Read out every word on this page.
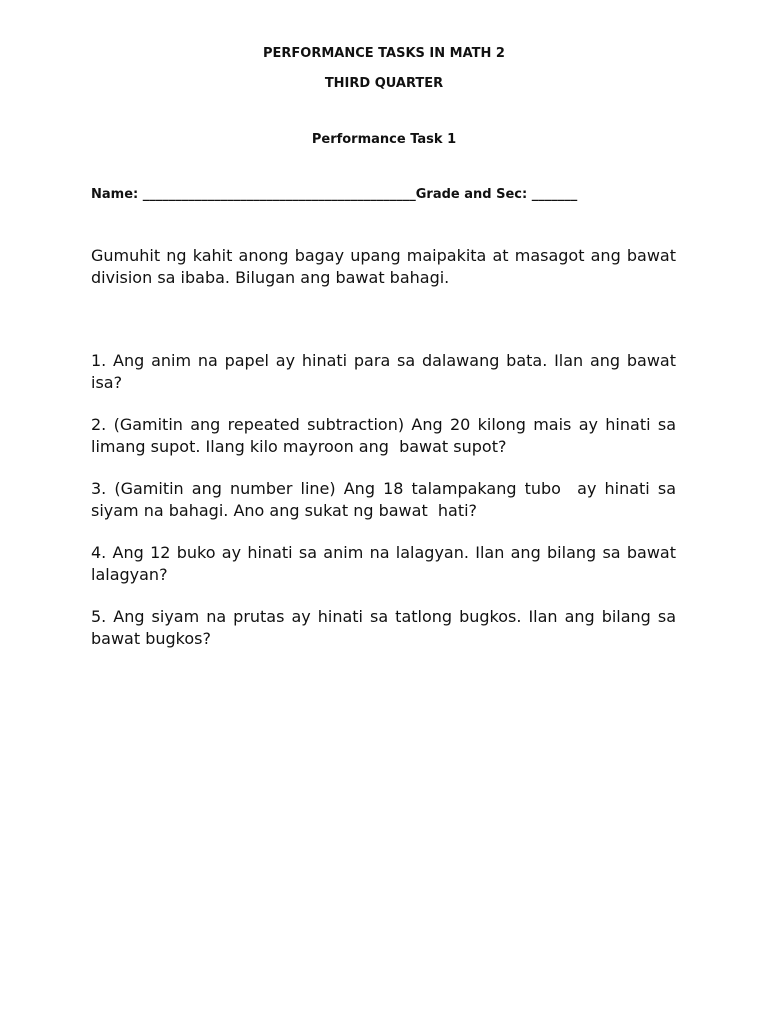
PERFORMANCE TASKS IN MATH 2
THIRD QUARTER
Performance Task 1
Name: __________________________________________Grade and Sec: _______
Gumuhit ng kahit anong bagay upang maipakita at masagot ang bawat division sa ibaba. Bilugan ang bawat bahagi.
1. Ang anim na papel ay hinati para sa dalawang bata. Ilan ang bawat isa?
2. (Gamitin ang repeated subtraction) Ang 20 kilong mais ay hinati sa limang supot. Ilang kilo mayroon ang  bawat supot?
3. (Gamitin ang number line) Ang 18 talampakang tubo  ay hinati sa siyam na bahagi. Ano ang sukat ng bawat  hati?
4. Ang 12 buko ay hinati sa anim na lalagyan. Ilan ang bilang sa bawat lalagyan?
5. Ang siyam na prutas ay hinati sa tatlong bugkos. Ilan ang bilang sa bawat bugkos?
